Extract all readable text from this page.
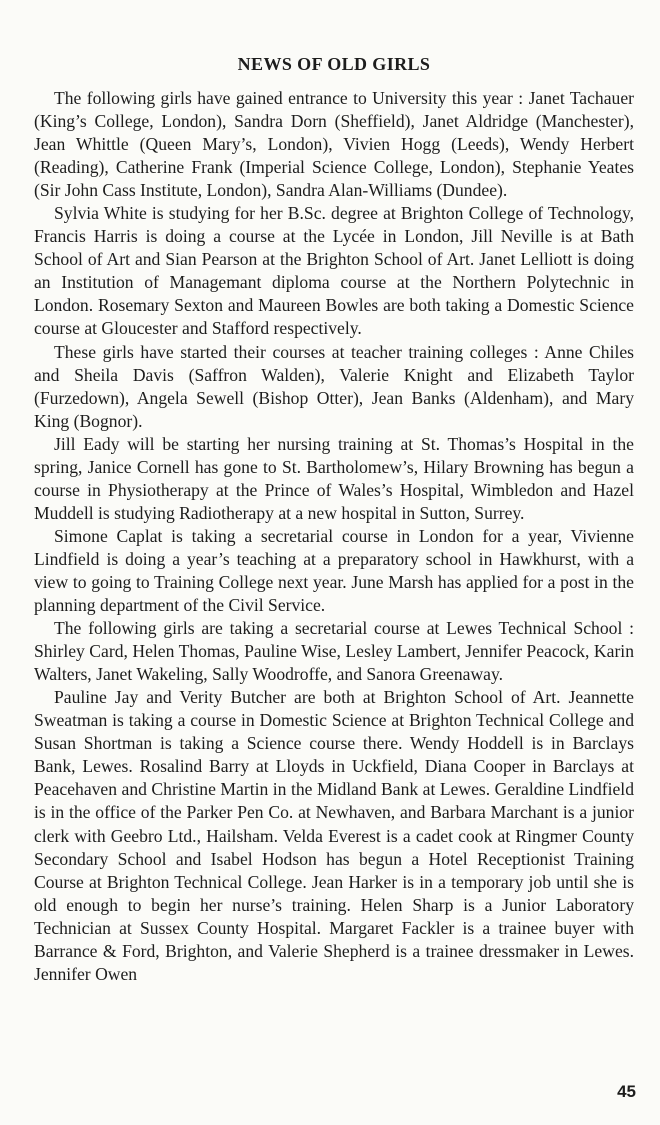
NEWS OF OLD GIRLS

The following girls have gained entrance to University this year : Janet Tachauer (King’s College, London), Sandra Dorn (Sheffield), Janet Aldridge (Manchester), Jean Whittle (Queen Mary’s, London), Vivien Hogg (Leeds), Wendy Herbert (Reading), Catherine Frank (Imperial Science College, London), Stephanie Yeates (Sir John Cass Institute, London), Sandra Alan-Williams (Dundee).

Sylvia White is studying for her B.Sc. degree at Brighton College of Technology, Francis Harris is doing a course at the Lycée in London, Jill Neville is at Bath School of Art and Sian Pearson at the Brighton School of Art. Janet Lelliott is doing an Institution of Managemant diploma course at the Northern Polytechnic in London. Rosemary Sexton and Maureen Bowles are both taking a Domestic Science course at Gloucester and Stafford respectively.

These girls have started their courses at teacher training colleges : Anne Chiles and Sheila Davis (Saffron Walden), Valerie Knight and Elizabeth Taylor (Furzedown), Angela Sewell (Bishop Otter), Jean Banks (Aldenham), and Mary King (Bognor).

Jill Eady will be starting her nursing training at St. Thomas’s Hospital in the spring, Janice Cornell has gone to St. Bartholomew’s, Hilary Browning has begun a course in Physiotherapy at the Prince of Wales’s Hospital, Wimbledon and Hazel Muddell is studying Radiotherapy at a new hospital in Sutton, Surrey.

Simone Caplat is taking a secretarial course in London for a year, Vivienne Lindfield is doing a year’s teaching at a preparatory school in Hawkhurst, with a view to going to Training College next year. June Marsh has applied for a post in the planning department of the Civil Service.

The following girls are taking a secretarial course at Lewes Technical School : Shirley Card, Helen Thomas, Pauline Wise, Lesley Lambert, Jennifer Peacock, Karin Walters, Janet Wakeling, Sally Woodroffe, and Sanora Greenaway.

Pauline Jay and Verity Butcher are both at Brighton School of Art. Jeannette Sweatman is taking a course in Domestic Science at Brighton Technical College and Susan Shortman is taking a Science course there. Wendy Hoddell is in Barclays Bank, Lewes. Rosalind Barry at Lloyds in Uckfield, Diana Cooper in Barclays at Peacehaven and Christine Martin in the Midland Bank at Lewes. Geraldine Lindfield is in the office of the Parker Pen Co. at Newhaven, and Barbara Marchant is a junior clerk with Geebro Ltd., Hailsham. Velda Everest is a cadet cook at Ringmer County Secondary School and Isabel Hodson has begun a Hotel Receptionist Training Course at Brighton Technical College. Jean Harker is in a temporary job until she is old enough to begin her nurse’s training. Helen Sharp is a Junior Laboratory Technician at Sussex County Hospital. Margaret Fackler is a trainee buyer with Barrance & Ford, Brighton, and Valerie Shepherd is a trainee dressmaker in Lewes. Jennifer Owen

45
